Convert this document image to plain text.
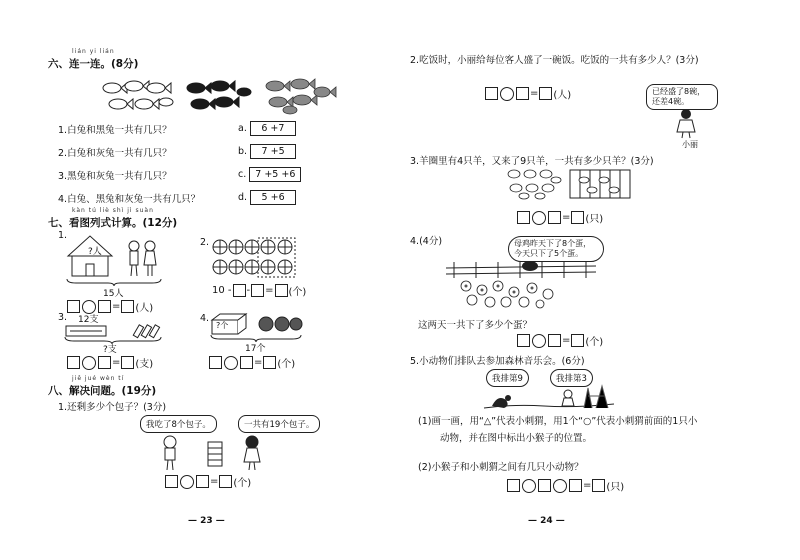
lián yi lián
六、连一连。(8分)
1.白兔和黑兔一共有几只？
2.白兔和灰兔一共有几只？
3.黑兔和灰兔一共有几只？
4.白兔、黑兔和灰兔一共有几只？
a. 6 +7
b. 7 +5
c. 7 +5 +6
d. 5 +6
kàn tú liè shì jì suàn
七、看图列式计算。(12分)
1.
?人
15人
= (人)
2.
10 - - = (个)
3. 12支
?支
= (支)
4.
?个
17个
= (个)
jiě jué wèn tí
八、解决问题。(19分)
1.还剩多少个包子？(3分)
我吃了8个包子。	一共有19个包子。
= (个)
— 23 —
2.吃饭时，小丽给每位客人盛了一碗饭。吃饭的一共有多少人？(3分)
= (人)	已经盛了8碗，还差4碗。
小丽
3.羊圈里有4只羊，又来了9只羊，一共有多少只羊？(3分)
= (只)
4.(4分)	母鸡昨天下了8个蛋，今天只下了5个蛋。
这两天一共下了多少个蛋？
= (个)
5.小动物们排队去参加森林音乐会。(6分)
我排第9	我排第3
(1)画一画，用“△”代表小刺猬，用1个“○”代表小刺猬前面的1只小
动物，并在图中标出小猴子的位置。
(2)小猴子和小刺猬之间有几只小动物？
= (只)
— 24 —
